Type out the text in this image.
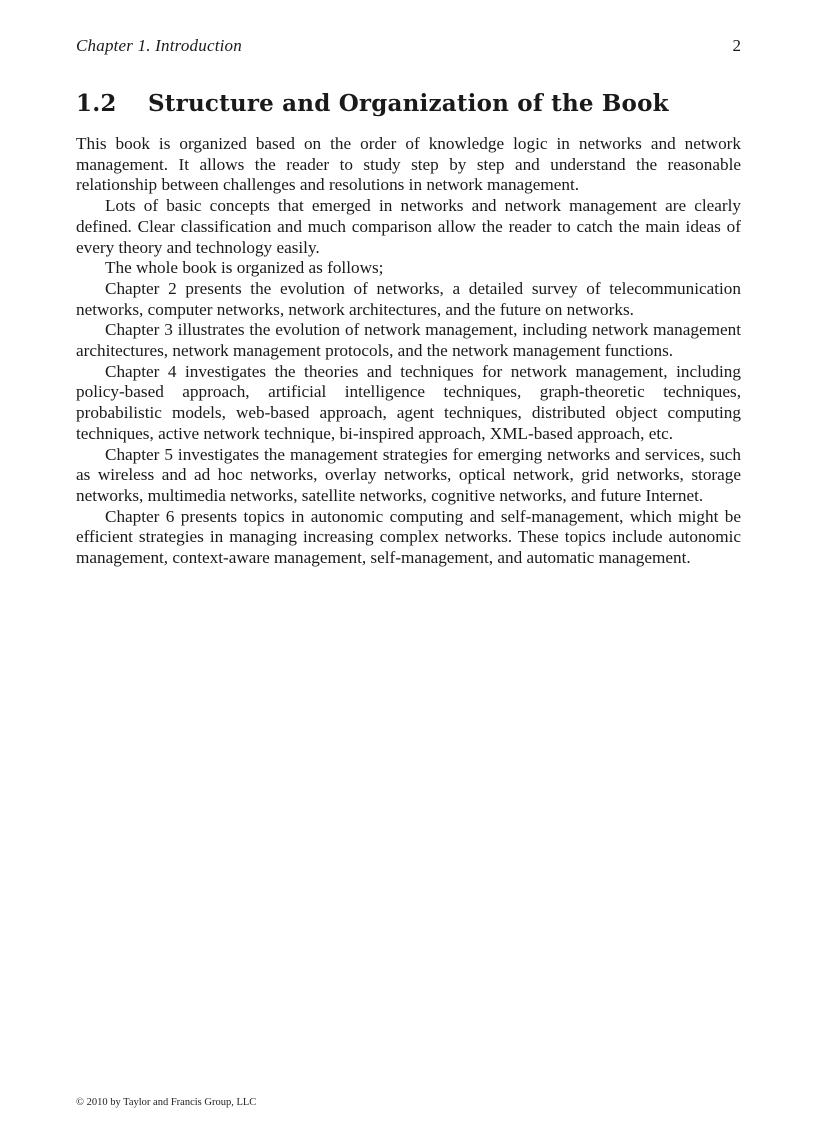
Chapter 1. Introduction	2
1.2 Structure and Organization of the Book

This book is organized based on the order of knowledge logic in networks and network management. It allows the reader to study step by step and understand the reasonable relationship between challenges and resolutions in network management.

Lots of basic concepts that emerged in networks and network management are clearly defined. Clear classification and much comparison allow the reader to catch the main ideas of every theory and technology easily.

The whole book is organized as follows;

Chapter 2 presents the evolution of networks, a detailed survey of telecommunication networks, computer networks, network architectures, and the future on networks.

Chapter 3 illustrates the evolution of network management, including network management architectures, network management protocols, and the network management functions.

Chapter 4 investigates the theories and techniques for network management, including policy-based approach, artificial intelligence techniques, graph-theoretic techniques, probabilistic models, web-based approach, agent techniques, distributed object computing techniques, active network technique, bi-inspired approach, XML-based approach, etc.

Chapter 5 investigates the management strategies for emerging networks and services, such as wireless and ad hoc networks, overlay networks, optical network, grid networks, storage networks, multimedia networks, satellite networks, cognitive networks, and future Internet.

Chapter 6 presents topics in autonomic computing and self-management, which might be efficient strategies in managing increasing complex networks. These topics include autonomic management, context-aware management, self-management, and automatic management.

© 2010 by Taylor and Francis Group, LLC
